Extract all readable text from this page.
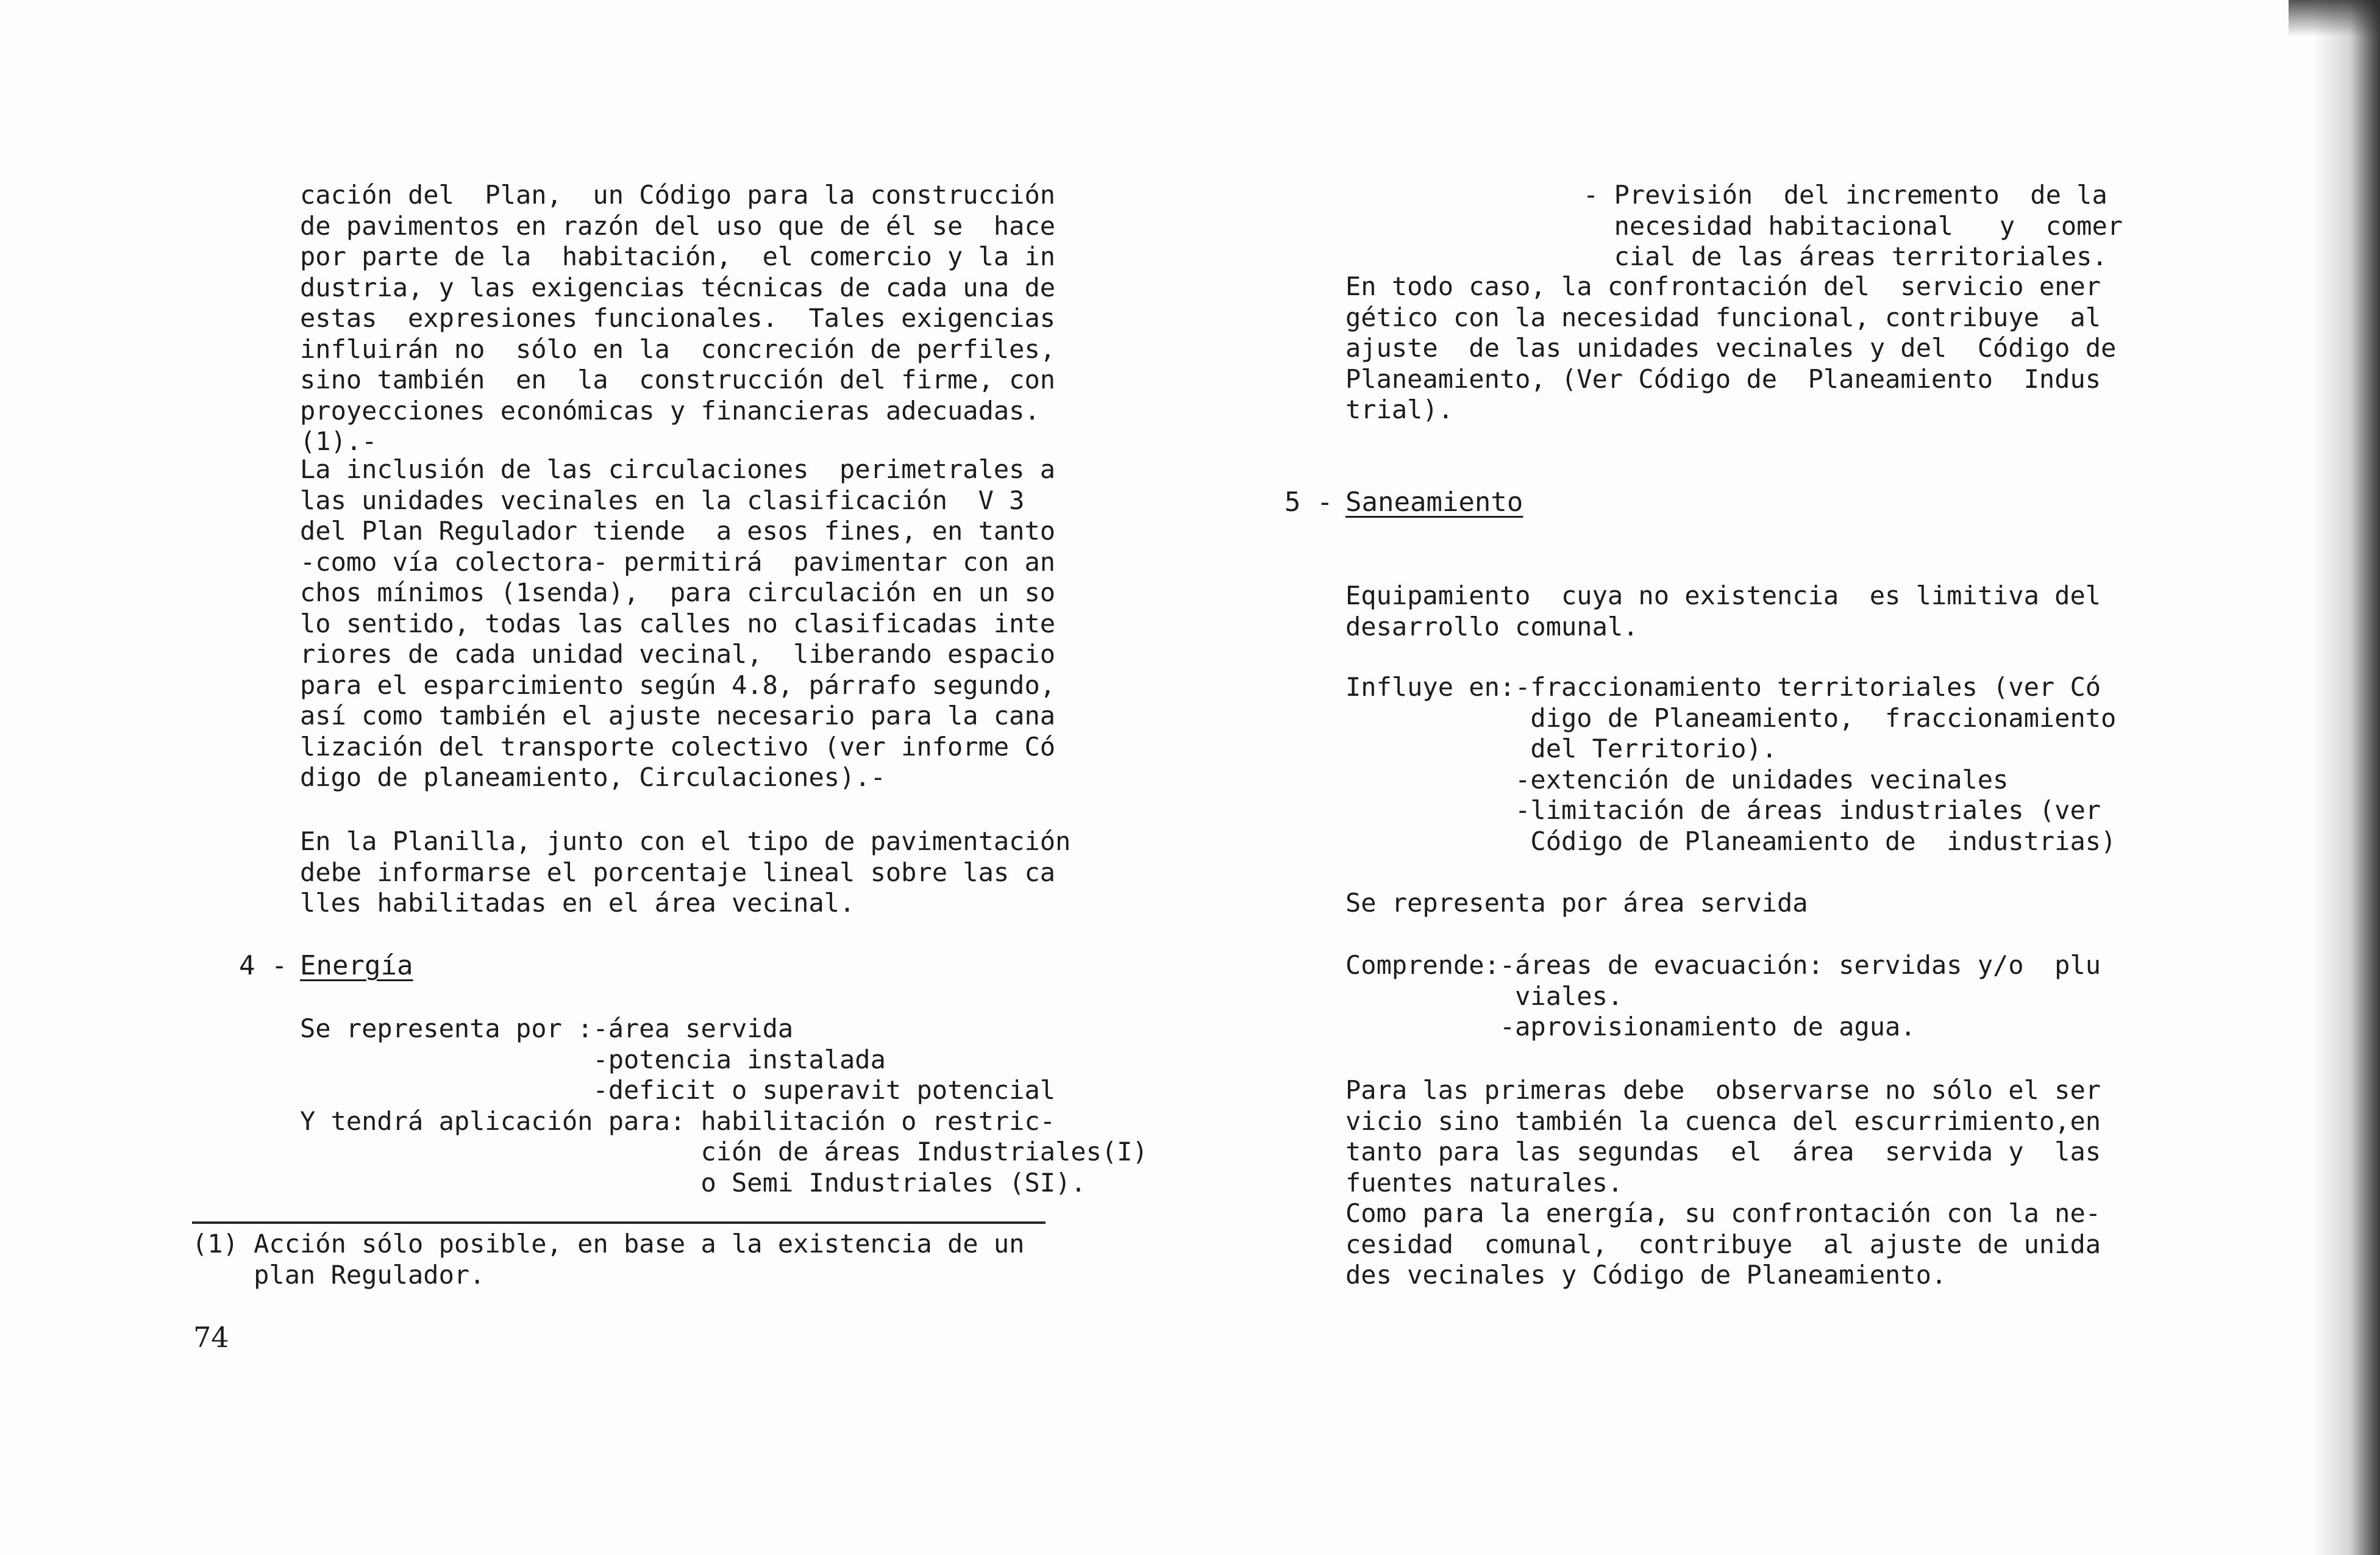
cación del  Plan,  un Código para la construcción
de pavimentos en razón del uso que de él se  hace
por parte de la  habitación,  el comercio y la in
dustria, y las exigencias técnicas de cada una de
estas  expresiones funcionales.  Tales exigencias
influirán no  sólo en la  concreción de perfiles,
sino también  en  la  construcción del firme, con
proyecciones económicas y financieras adecuadas.
(1).-
La inclusión de las circulaciones  perimetrales a
las unidades vecinales en la clasificación  V 3
del Plan Regulador tiende  a esos fines, en tanto
-como vía colectora- permitirá  pavimentar con an
chos mínimos (1senda),  para circulación en un so
lo sentido, todas las calles no clasificadas inte
riores de cada unidad vecinal,  liberando espacio
para el esparcimiento según 4.8, párrafo segundo,
así como también el ajuste necesario para la cana
lización del transporte colectivo (ver informe Có
digo de planeamiento, Circulaciones).-
En la Planilla, junto con el tipo de pavimentación
debe informarse el porcentaje lineal sobre las ca
lles habilitadas en el área vecinal.
4 - Energía
Se representa por :-área servida
-potencia instalada
-deficit o superavit potencial
Y tendrá aplicación para: habilitación o restric-
ción de áreas Industriales(I)
o Semi Industriales (SI).
(1) Acción sólo posible, en base a la existencia de un
plan Regulador.
74
- Previsión  del incremento  de la
necesidad habitacional   y  comer
cial de las áreas territoriales.
En todo caso, la confrontación del  servicio ener
gético con la necesidad funcional, contribuye  al
ajuste  de las unidades vecinales y del  Código de
Planeamiento, (Ver Código de  Planeamiento  Indus
trial).
5 - Saneamiento
Equipamiento  cuya no existencia  es limitiva del
desarrollo comunal.
Influye en:-fraccionamiento territoriales (ver Có
digo de Planeamiento,  fraccionamiento
del Territorio).
-extención de unidades vecinales
-limitación de áreas industriales (ver
Código de Planeamiento de  industrias)
Se representa por área servida
Comprende:-áreas de evacuación: servidas y/o  plu
viales.
-aprovisionamiento de agua.
Para las primeras debe  observarse no sólo el ser
vicio sino también la cuenca del escurrimiento,en
tanto para las segundas  el  área  servida y  las
fuentes naturales.
Como para la energía, su confrontación con la ne-
cesidad  comunal,  contribuye  al ajuste de unida
des vecinales y Código de Planeamiento.
